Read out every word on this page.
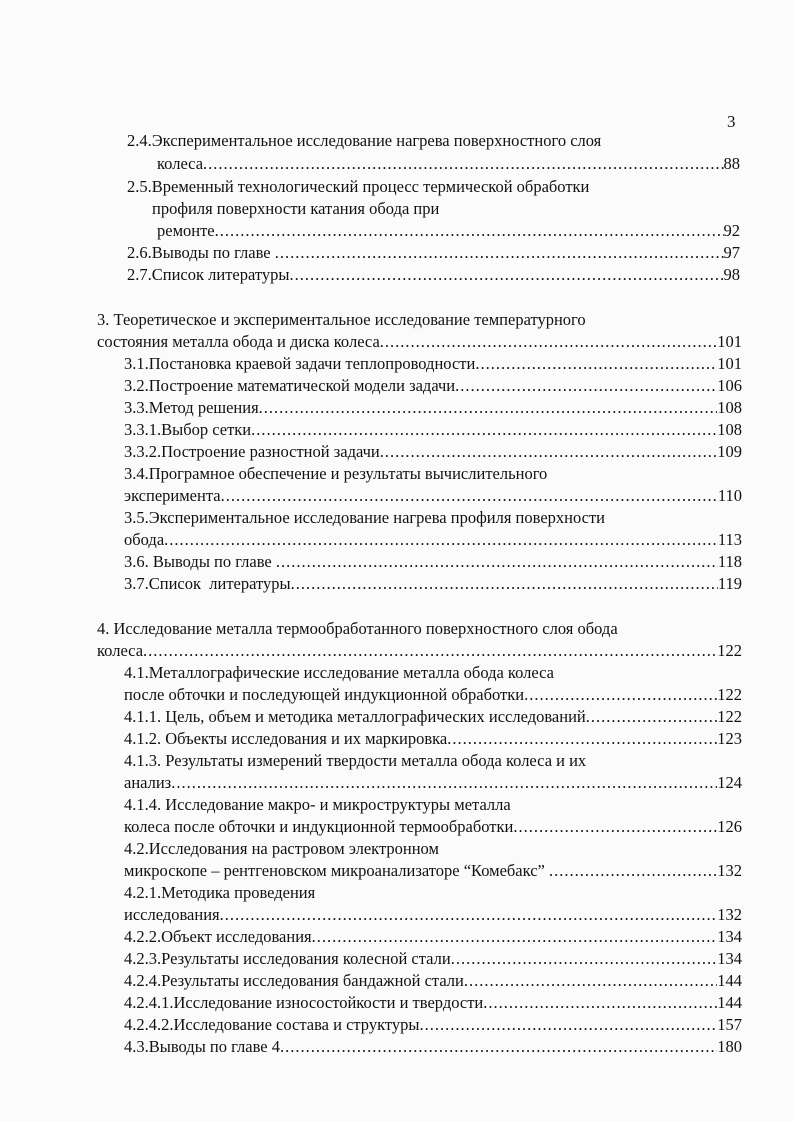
3
2.4.Экспериментальное исследование нагрева поверхностного слоя
колеса .....	88
2.5.Временный технологический процесс термической обработки
профиля поверхности катания обода при
ремонте .....	92
2.6.Выводы по главе .....	97
2.7.Список литературы .....	98
3. Теоретическое и экспериментальное исследование температурного
состояния металла обода и диска колеса .....	101
3.1.Постановка краевой задачи теплопроводности .....	101
3.2.Построение математической модели задачи .....	106
3.3.Метод решения .....	108
3.3.1.Выбор сетки .....	108
3.3.2.Построение разностной задачи .....	109
3.4.Програмное обеспечение и результаты вычислительного
эксперимента .....	110
3.5.Экспериментальное исследование нагрева профиля поверхности
обода .....	113
3.6. Выводы по главе .....	118
3.7.Список  литературы .....	119
4. Исследование металла термообработанного поверхностного слоя обода
колеса .....	122
4.1.Металлографические исследование металла обода колеса
после обточки и последующей индукционной обработки .....	122
4.1.1. Цель, объем и методика металлографических исследований .....	122
4.1.2. Объекты исследования и их маркировка .....	123
4.1.3. Результаты измерений твердости металла обода колеса и их
анализ .....	124
4.1.4. Исследование макро- и микроструктуры металла
колеса после обточки и индукционной термообработки .....	126
4.2.Исследования на растровом электронном
микроскопе – рентгеновском микроанализаторе “Комебакс” .....	132
4.2.1.Методика проведения
исследования .....	132
4.2.2.Объект исследования .....	134
4.2.3.Результаты исследования колесной стали .....	134
4.2.4.Результаты исследования бандажной стали .....	144
4.2.4.1.Исследование износостойкости и твердости .....	144
4.2.4.2.Исследование состава и структуры .....	157
4.3.Выводы по главе 4 .....	180
